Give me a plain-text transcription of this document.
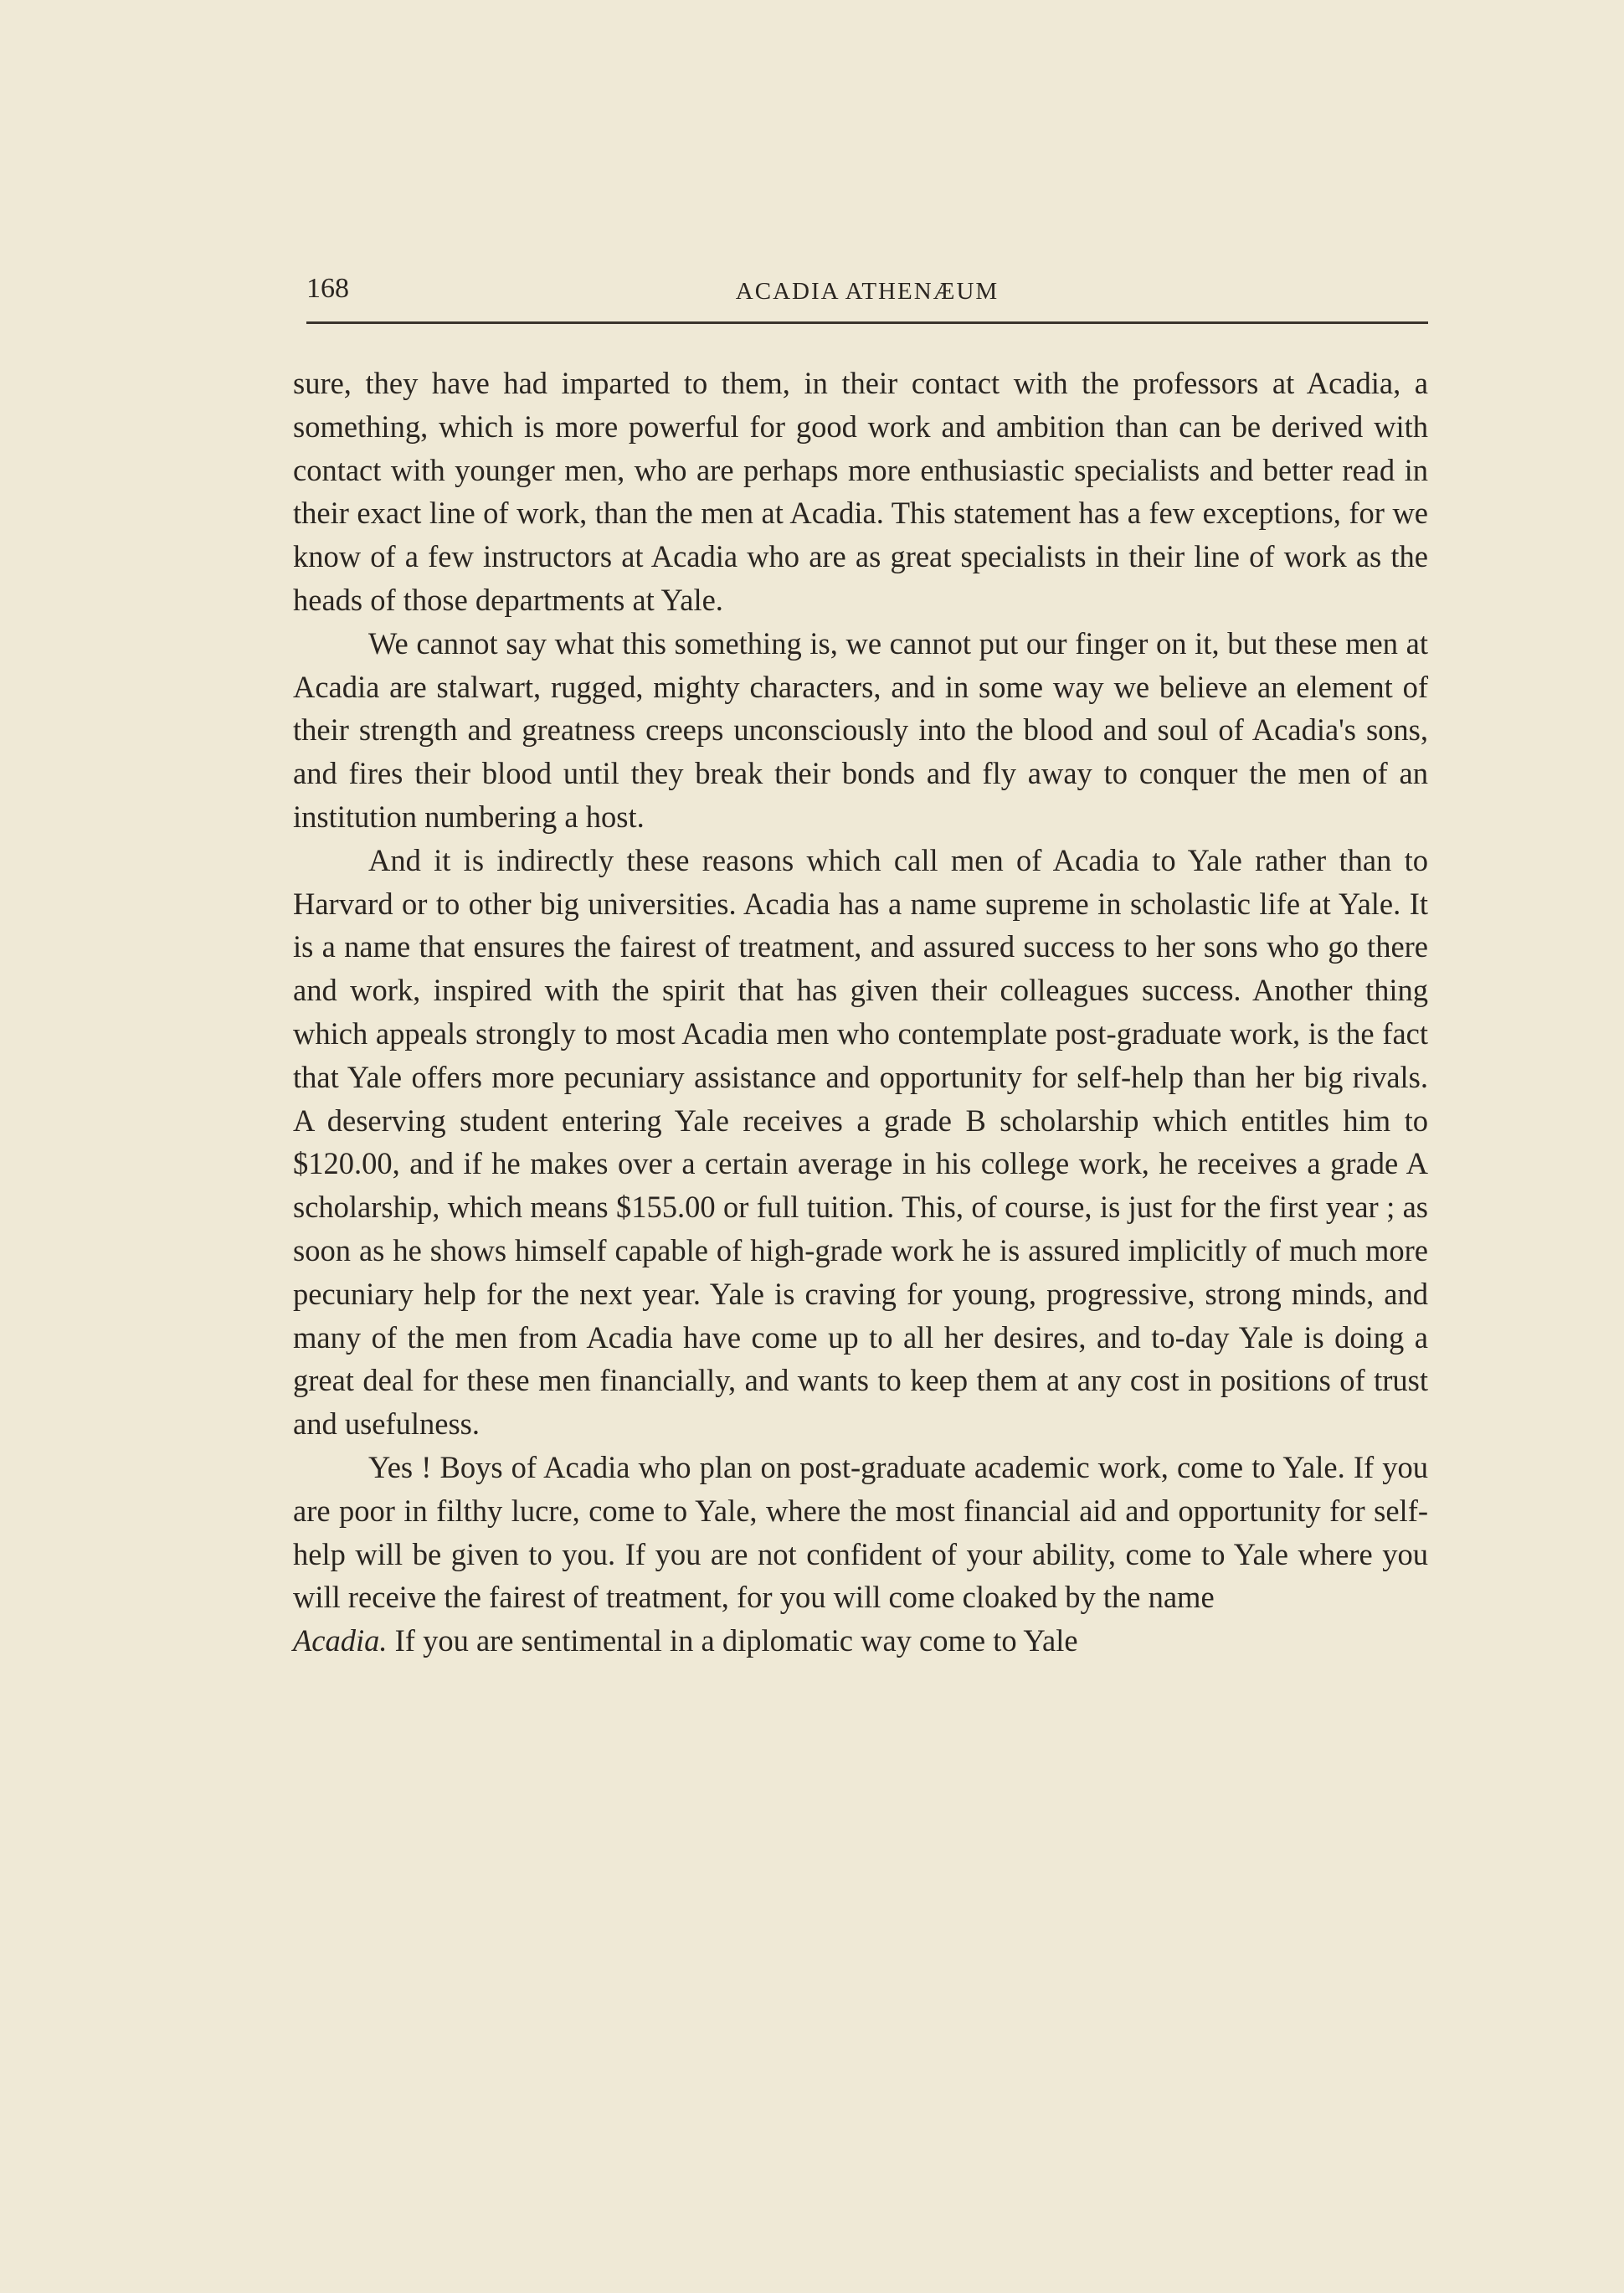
168	ACADIA ATHENÆUM

sure, they have had imparted to them, in their contact with the professors at Acadia, a something, which is more powerful for good work and ambition than can be derived with contact with younger men, who are perhaps more enthusiastic specialists and better read in their exact line of work, than the men at Acadia. This statement has a few exceptions, for we know of a few instructors at Acadia who are as great specialists in their line of work as the heads of those departments at Yale.

We cannot say what this something is, we cannot put our finger on it, but these men at Acadia are stalwart, rugged, mighty characters, and in some way we believe an element of their strength and greatness creeps unconsciously into the blood and soul of Acadia's sons, and fires their blood until they break their bonds and fly away to conquer the men of an institution numbering a host.

And it is indirectly these reasons which call men of Acadia to Yale rather than to Harvard or to other big universities. Acadia has a name supreme in scholastic life at Yale. It is a name that ensures the fairest of treatment, and assured success to her sons who go there and work, inspired with the spirit that has given their colleagues success. Another thing which appeals strongly to most Acadia men who contemplate post-graduate work, is the fact that Yale offers more pecuniary assistance and opportunity for self-help than her big rivals. A deserving student entering Yale receives a grade B scholarship which entitles him to $120.00, and if he makes over a certain average in his college work, he receives a grade A scholarship, which means $155.00 or full tuition. This, of course, is just for the first year ; as soon as he shows himself capable of high-grade work he is assured implicitly of much more pecuniary help for the next year. Yale is craving for young, progressive, strong minds, and many of the men from Acadia have come up to all her desires, and to-day Yale is doing a great deal for these men financially, and wants to keep them at any cost in positions of trust and usefulness.

Yes ! Boys of Acadia who plan on post-graduate academic work, come to Yale. If you are poor in filthy lucre, come to Yale, where the most financial aid and opportunity for self-help will be given to you. If you are not confident of your ability, come to Yale where you will receive the fairest of treatment, for you will come cloaked by the name
Acadia. If you are sentimental in a diplomatic way come to Yale
